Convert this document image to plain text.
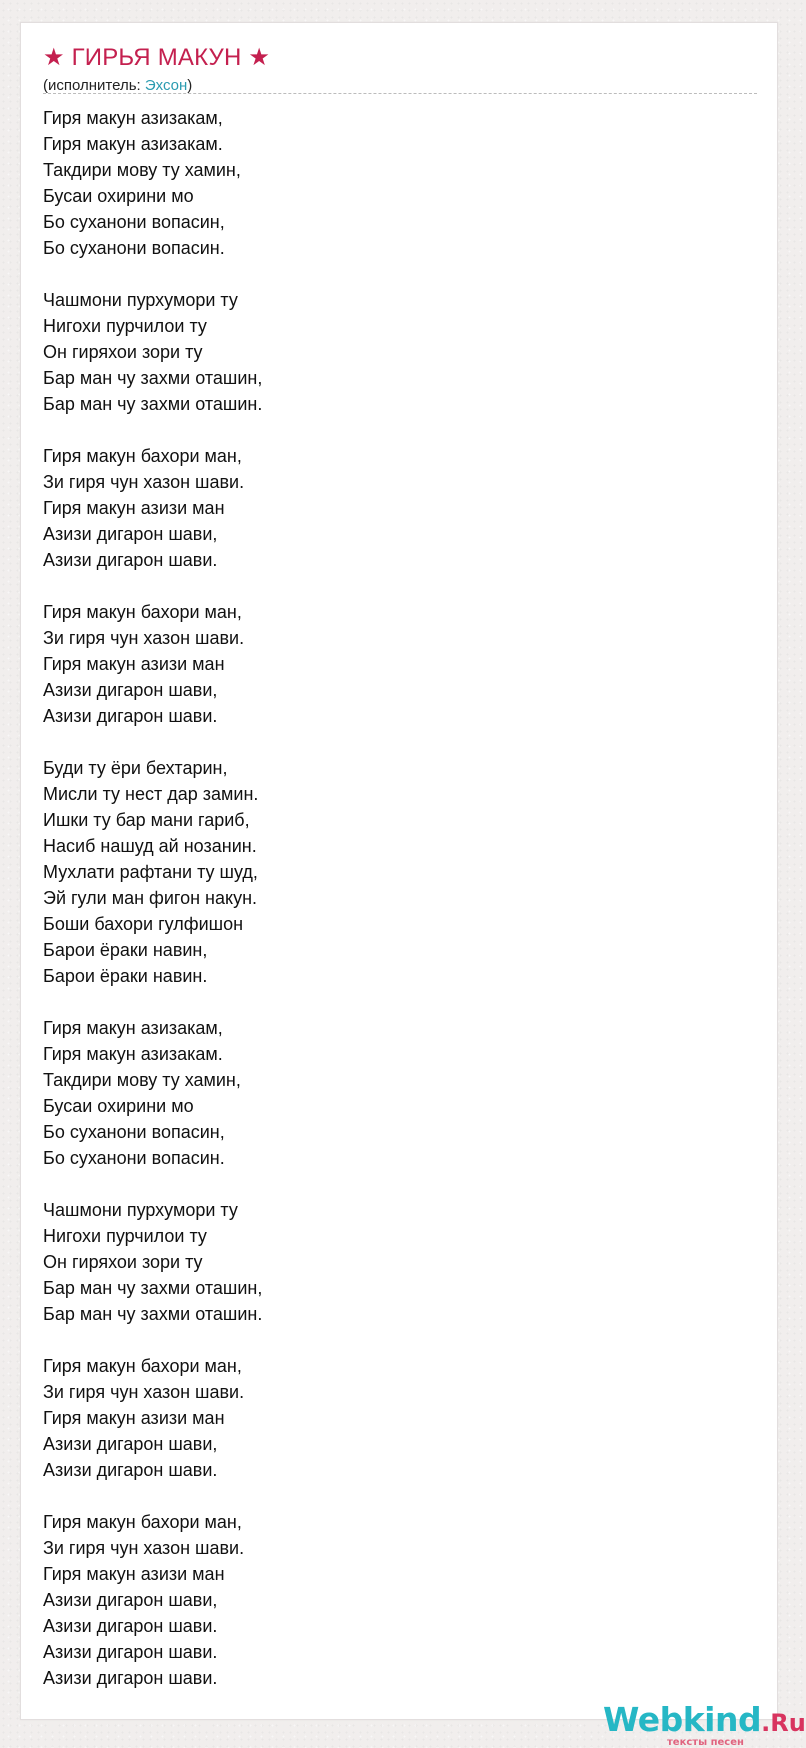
★ ГИРЬЯ МАКУН ★
(исполнитель: Эхсон)
Гиря макун азизакам,
Гиря макун азизакам.
Такдири мову ту хамин,
Бусаи охирини мо
Бо суханони вопасин,
Бо суханони вопасин.
Чашмони пурхумори ту
Нигохи пурчилои ту
Он гиряхои зори ту
Бар ман чу захми оташин,
Бар ман чу захми оташин.
Гиря макун бахори ман,
Зи гиря чун хазон шави.
Гиря макун азизи ман
Азизи дигарон шави,
Азизи дигарон шави.
Гиря макун бахори ман,
Зи гиря чун хазон шави.
Гиря макун азизи ман
Азизи дигарон шави,
Азизи дигарон шави.
Буди ту ёри бехтарин,
Мисли ту нест дар замин.
Ишки ту бар мани гариб,
Насиб нашуд ай нозанин.
Мухлати рафтани ту шуд,
Эй гули ман фигон накун.
Боши бахори гулфишон
Барои ёраки навин,
Барои ёраки навин.
Гиря макун азизакам,
Гиря макун азизакам.
Такдири мову ту хамин,
Бусаи охирини мо
Бо суханони вопасин,
Бо суханони вопасин.
Чашмони пурхумори ту
Нигохи пурчилои ту
Он гиряхои зори ту
Бар ман чу захми оташин,
Бар ман чу захми оташин.
Гиря макун бахори ман,
Зи гиря чун хазон шави.
Гиря макун азизи ман
Азизи дигарон шави,
Азизи дигарон шави.
Гиря макун бахори ман,
Зи гиря чун хазон шави.
Гиря макун азизи ман
Азизи дигарон шави,
Азизи дигарон шави.
Азизи дигарон шави.
Азизи дигарон шави.
Webkind.Ru
тексты песен
